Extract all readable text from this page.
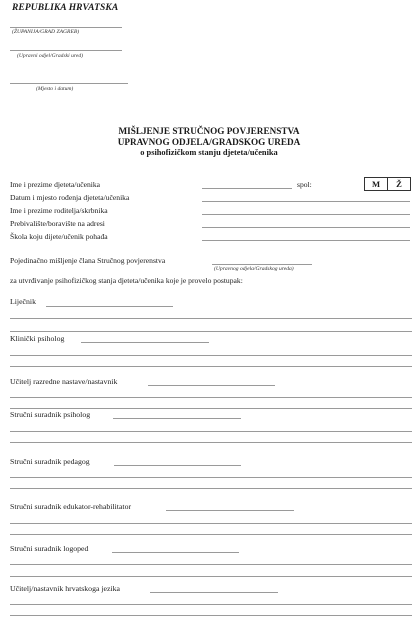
REPUBLIKA HRVATSKA
(ŽUPANIJA/GRAD ZAGREB)
(Upravni odjel/Gradski ured)
(Mjesto i datum)
MIŠLJENJE STRUČNOG POVJERENSTVA
UPRAVNOG ODJELA/GRADSKOG UREDA
o psihofizičkom stanju djeteta/učenika
Ime i prezime djeteta/učenika	spol:	M	Ž
Datum i mjesto rođenja djeteta/učenika
Ime i prezime roditelja/skrbnika
Prebivalište/boravište na adresi
Škola koju dijete/učenik pohađa
Pojedinačno mišljenje člana Stručnog povjerenstva
(Upravnog odjela/Gradskog ureda)
za utvrđivanje psihofizičkog stanja djeteta/učenika koje je provelo postupak:
Liječnik
Klinički psiholog
Učitelj razredne nastave/nastavnik
Stručni suradnik psiholog
Stručni suradnik pedagog
Stručni suradnik edukator-rehabilitator
Stručni suradnik logoped
Učitelj/nastavnik hrvatskoga jezika
